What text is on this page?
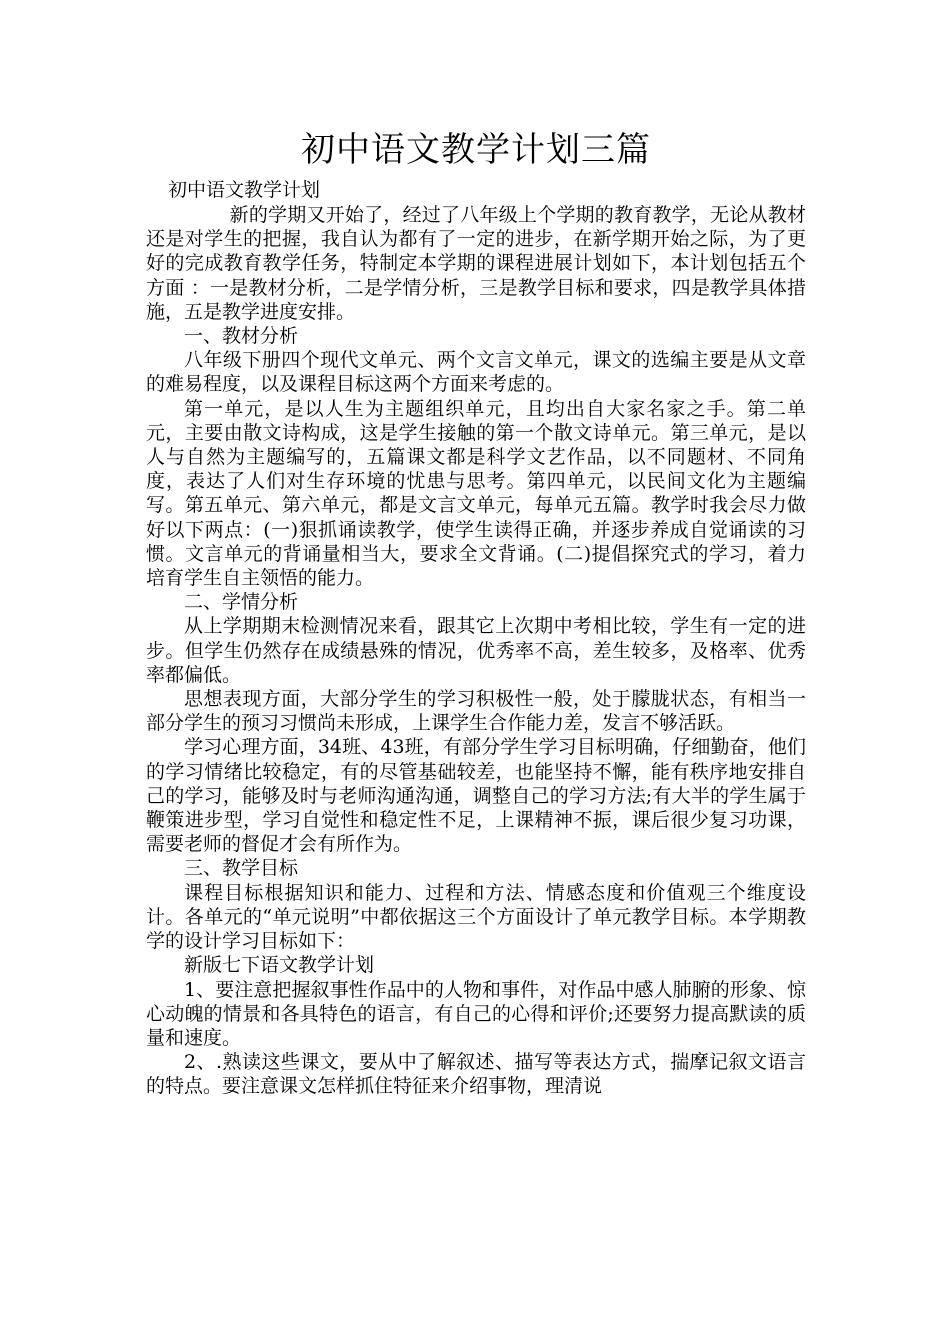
初中语文教学计划三篇
初中语文教学计划
新的学期又开始了，经过了八年级上个学期的教育教学，无论从教材还是对学生的把握，我自认为都有了一定的进步，在新学期开始之际，为了更好的完成教育教学任务，特制定本学期的课程进展计划如下，本计划包括五个方面 ：一是教材分析，二是学情分析，三是教学目标和要求，四是教学具体措施，五是教学进度安排。
一、教材分析
八年级下册四个现代文单元、两个文言文单元，课文的选编主要是从文章的难易程度，以及课程目标这两个方面来考虑的。
第一单元，是以人生为主题组织单元，且均出自大家名家之手。第二单元，主要由散文诗构成，这是学生接触的第一个散文诗单元。第三单元，是以人与自然为主题编写的，五篇课文都是科学文艺作品，以不同题材、不同角度，表达了人们对生存环境的忧患与思考。第四单元，以民间文化为主题编写。第五单元、第六单元，都是文言文单元，每单元五篇。教学时我会尽力做好以下两点：(一)狠抓诵读教学，使学生读得正确，并逐步养成自觉诵读的习惯。文言单元的背诵量相当大，要求全文背诵。(二)提倡探究式的学习，着力培育学生自主领悟的能力。
二、学情分析
从上学期期末检测情况来看，跟其它上次期中考相比较，学生有一定的进步。但学生仍然存在成绩悬殊的情况，优秀率不高，差生较多，及格率、优秀率都偏低。
思想表现方面，大部分学生的学习积极性一般，处于朦胧状态，有相当一部分学生的预习习惯尚未形成，上课学生合作能力差，发言不够活跃。
学习心理方面，34班、43班，有部分学生学习目标明确，仔细勤奋，他们的学习情绪比较稳定，有的尽管基础较差，也能坚持不懈，能有秩序地安排自己的学习，能够及时与老师沟通沟通，调整自己的学习方法;有大半的学生属于鞭策进步型，学习自觉性和稳定性不足，上课精神不振，课后很少复习功课，需要老师的督促才会有所作为。
三、教学目标
课程目标根据知识和能力、过程和方法、情感态度和价值观三个维度设计。各单元的“单元说明”中都依据这三个方面设计了单元教学目标。本学期教学的设计学习目标如下：
新版七下语文教学计划
1、要注意把握叙事性作品中的人物和事件，对作品中感人肺腑的形象、惊心动魄的情景和各具特色的语言，有自己的心得和评价;还要努力提高默读的质量和速度。
2、.熟读这些课文，要从中了解叙述、描写等表达方式，揣摩记叙文语言的特点。要注意课文怎样抓住特征来介绍事物，理清说
